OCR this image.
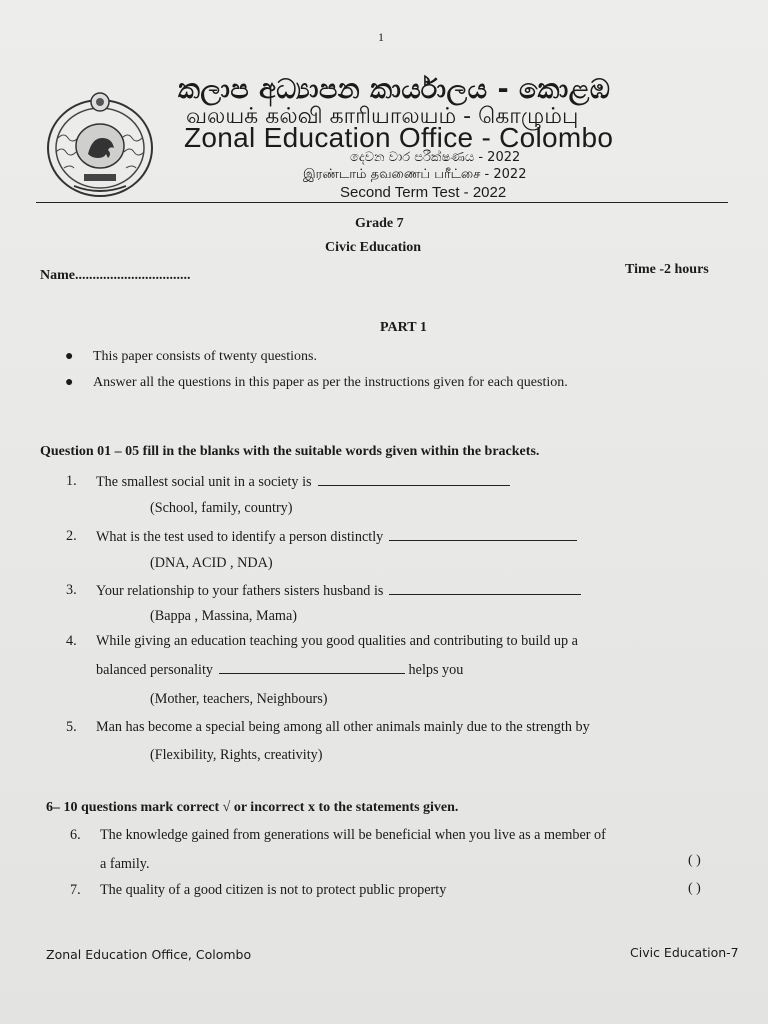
1
කලාප අධ්‍යාපන කාර්යාලය - කොළඹ
வலயக் கல்வி காரியாலயம் - கொழும்பு
Zonal Education Office - Colombo
දෙවන වාර පරීක්ෂණය - 2022
இரண்டாம் தவணைப் பரீட்சை - 2022
Second Term Test - 2022
Grade 7
Civic Education
Name.................................	Time -2 hours
PART 1
● This paper consists of twenty questions.
● Answer all the questions in this paper as per the instructions given for each question.
Question 01 – 05 fill in the blanks with the suitable words given within the brackets.
1. The smallest social unit in a society is
(School, family, country)
2. What is the test used to identify a person distinctly
(DNA, ACID , NDA)
3. Your relationship to your fathers sisters husband is
(Bappa , Massina, Mama)
4. While giving an education teaching you good qualities and contributing to build up a
balanced personality	helps you
(Mother, teachers, Neighbours)
5. Man has become a special being among all other animals mainly due to the strength by
(Flexibility, Rights, creativity)
6– 10 questions mark correct √ or incorrect x to the statements given.
6. The knowledge gained from generations will be beneficial when you live as a member of
a family.	( )
7. The quality of a good citizen is not to protect public property	( )
Zonal Education Office, Colombo	Civic Education-7
